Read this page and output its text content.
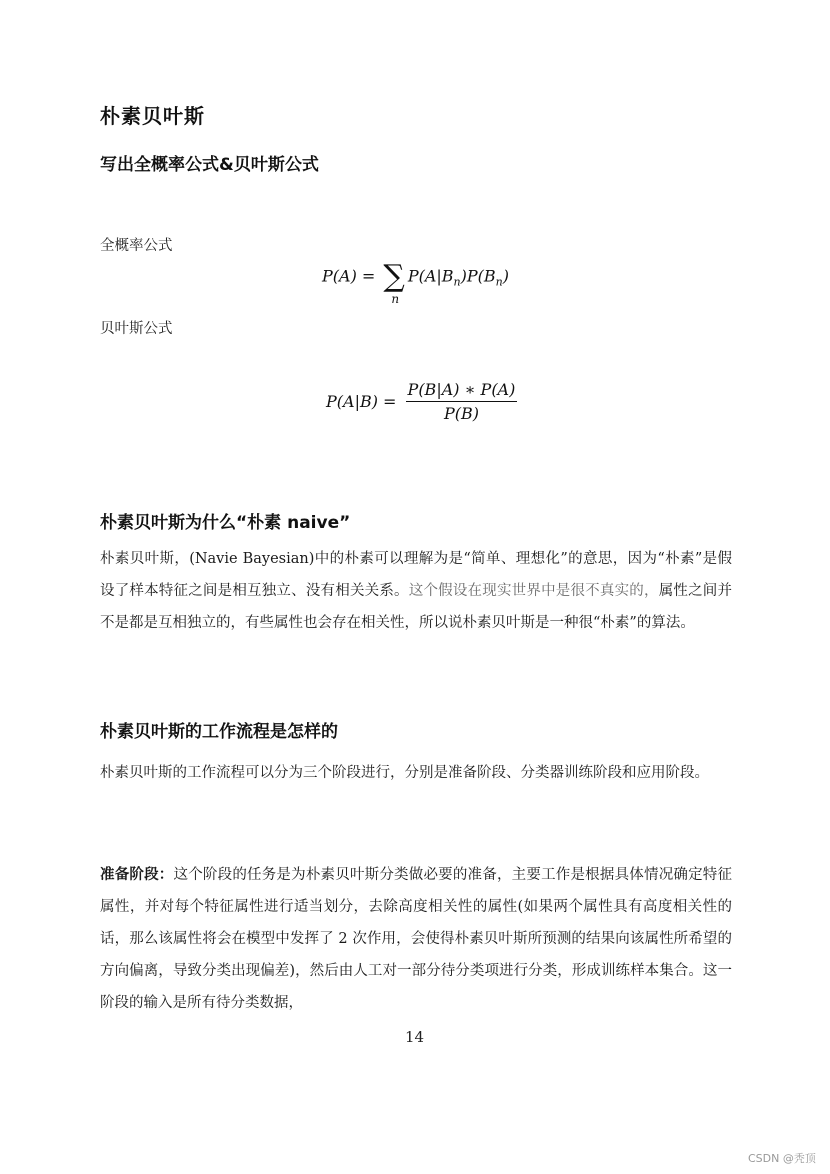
朴素贝叶斯
写出全概率公式&贝叶斯公式
全概率公式
P(A) = ∑
n
$P(A|B_n)P(B_n)$
贝叶斯公式
$P(A|B) = \frac{P(B|A) ∗ P(A)}{P(B)}$
朴素贝叶斯为什么“朴素 naive”
朴素贝叶斯，(Navie Bayesian)中的朴素可以理解为是“简单、理想化”的意思，因为“朴素”是假设了样本特征之间是相互独立、没有相关关系。这个假设在现实世界中是很不真实的，属性之间并不是都是互相独立的，有些属性也会存在相关性，所以说朴素贝叶斯是一种很“朴素”的算法。
朴素贝叶斯的工作流程是怎样的
朴素贝叶斯的工作流程可以分为三个阶段进行，分别是准备阶段、分类器训练阶段和应用阶段。
准备阶段：这个阶段的任务是为朴素贝叶斯分类做必要的准备，主要工作是根据具体情况确定特征属性，并对每个特征属性进行适当划分，去除高度相关性的属性(如果两个属性具有高度相关性的话，那么该属性将会在模型中发挥了 2 次作用，会使得朴素贝叶斯所预测的结果向该属性所希望的方向偏离，导致分类出现偏差)，然后由人工对一部分待分类项进行分类，形成训练样本集合。这一阶段的输入是所有待分类数据，
14
CSDN @秃顶
